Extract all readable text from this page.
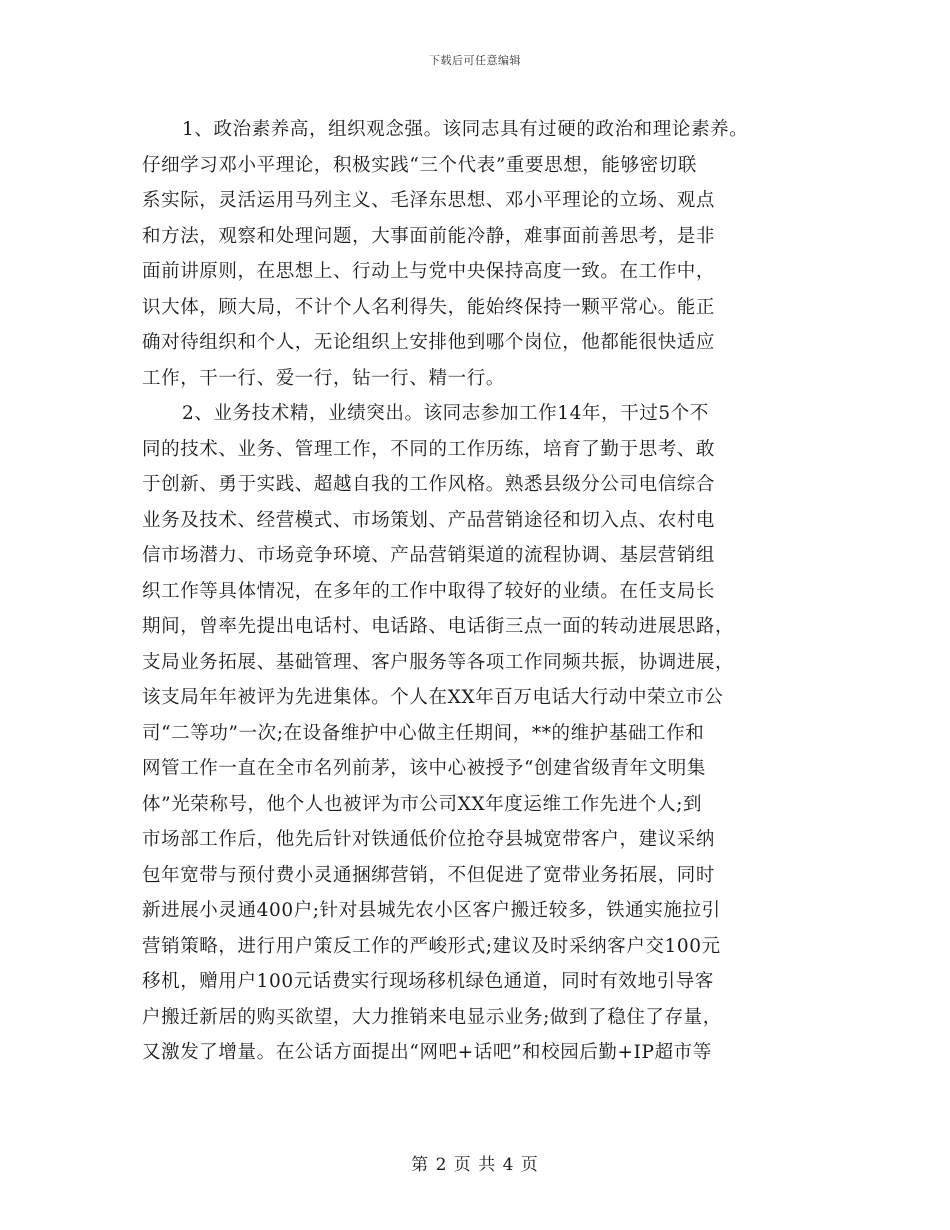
下载后可任意编辑
1、政治素养高，组织观念强。该同志具有过硬的政治和理论素养。
仔细学习邓小平理论，积极实践“三个代表”重要思想，能够密切联
系实际，灵活运用马列主义、毛泽东思想、邓小平理论的立场、观点
和方法，观察和处理问题，大事面前能冷静，难事面前善思考，是非
面前讲原则，在思想上、行动上与党中央保持高度一致。在工作中，
识大体，顾大局，不计个人名利得失，能始终保持一颗平常心。能正
确对待组织和个人，无论组织上安排他到哪个岗位，他都能很快适应
工作，干一行、爱一行，钻一行、精一行。
2、业务技术精，业绩突出。该同志参加工作14年，干过5个不
同的技术、业务、管理工作，不同的工作历练，培育了勤于思考、敢
于创新、勇于实践、超越自我的工作风格。熟悉县级分公司电信综合
业务及技术、经营模式、市场策划、产品营销途径和切入点、农村电
信市场潜力、市场竞争环境、产品营销渠道的流程协调、基层营销组
织工作等具体情况，在多年的工作中取得了较好的业绩。在任支局长
期间，曾率先提出电话村、电话路、电话街三点一面的转动进展思路，
支局业务拓展、基础管理、客户服务等各项工作同频共振，协调进展，
该支局年年被评为先进集体。个人在XX年百万电话大行动中荣立市公
司“二等功”一次;在设备维护中心做主任期间，**的维护基础工作和
网管工作一直在全市名列前茅，该中心被授予“创建省级青年文明集
体”光荣称号，他个人也被评为市公司XX年度运维工作先进个人;到
市场部工作后，他先后针对铁通低价位抢夺县城宽带客户，建议采纳
包年宽带与预付费小灵通捆绑营销，不但促进了宽带业务拓展，同时
新进展小灵通400户;针对县城先农小区客户搬迁较多，铁通实施拉引
营销策略，进行用户策反工作的严峻形式;建议及时采纳客户交100元
移机，赠用户100元话费实行现场移机绿色通道，同时有效地引导客
户搬迁新居的购买欲望，大力推销来电显示业务;做到了稳住了存量，
又激发了增量。在公话方面提出“网吧+话吧”和校园后勤+IP超市等
第 2 页 共 4 页
